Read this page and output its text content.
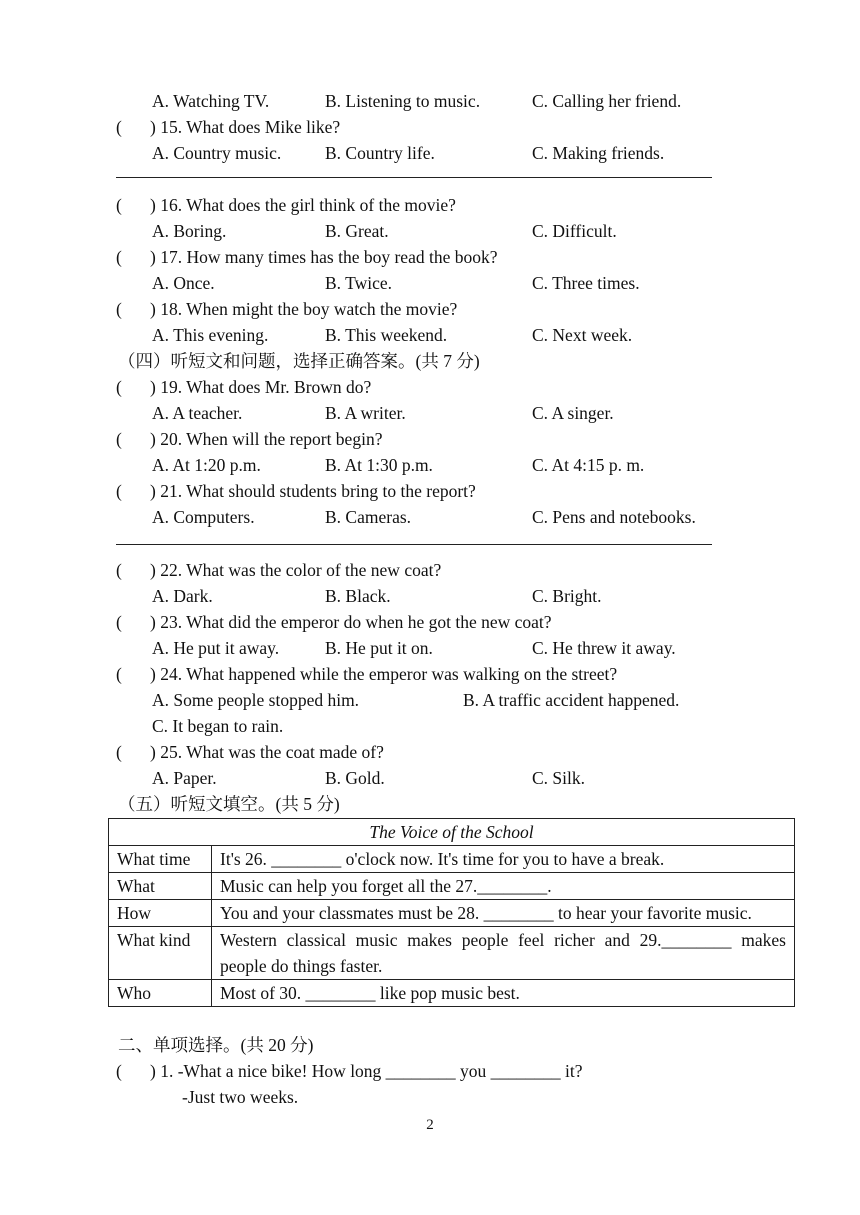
A. Watching TV.	B. Listening to music.	C. Calling her friend.
( ) 15. What does Mike like?
A. Country music. B. Country life.	C. Making friends.
( ) 16. What does the girl think of the movie?
A. Boring.	B. Great.	C. Difficult.
( ) 17. How many times has the boy read the book?
A. Once.	B. Twice.	C. Three times.
( ) 18. When might the boy watch the movie?
A. This evening.	B. This weekend.	C. Next week.
（四）听短文和问题，选择正确答案。(共 7 分)
( ) 19. What does Mr. Brown do?
A. A teacher.	B. A writer.	C. A singer.
( ) 20. When will the report begin?
A. At 1:20 p.m.	B. At 1:30 p.m.	C. At 4:15 p. m.
( ) 21. What should students bring to the report?
A. Computers.	B. Cameras.	C. Pens and notebooks.
( ) 22. What was the color of the new coat?
A. Dark.	B. Black.	C. Bright.
( ) 23. What did the emperor do when he got the new coat?
A. He put it away.	B. He put it on.	C. He threw it away.
( ) 24. What happened while the emperor was walking on the street?
A. Some people stopped him.	B. A traffic accident happened.
C. It began to rain.
( ) 25. What was the coat made of?
A. Paper.	B. Gold.	C. Silk.
（五）听短文填空。(共 5 分)
The Voice of the School	
What time	It's 26. ________ o'clock now. It's time for you to have a break.
What	Music can help you forget all the 27.________.
How	You and your classmates must be 28. ________ to hear your favorite music.
What kind	Western classical music makes people feel richer and 29.________ makes people do things faster.
Who	Most of 30. ________ like pop music best.
二、单项选择。(共 20 分)
( ) 1. -What a nice bike! How long ________ you ________ it?
-Just two weeks.
2
